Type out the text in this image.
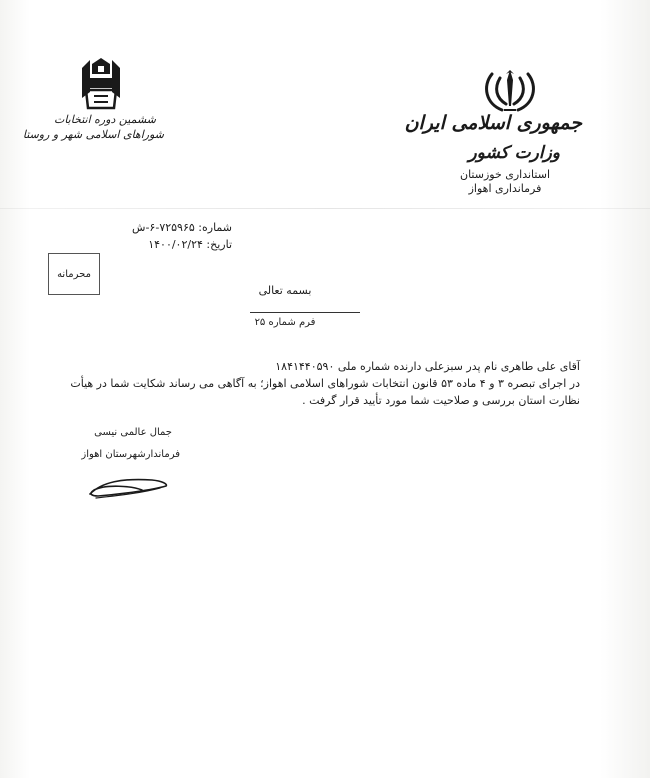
جمهوری اسلامی ایران
وزارت کشور
استانداری خوزستان
فرمانداری اهواز
ششمین دوره انتخابات
شوراهای اسلامی شهر و روستا
شماره: ۷۲۵۹۶۵-۶-ش
تاریخ: ۱۴۰۰/۰۲/۲۴
محرمانه
بسمه تعالی
فرم شماره ۲۵
آقای علی طاهری نام پدر سبزعلی دارنده شماره ملی ۱۸۴۱۴۴۰۵۹۰
در اجرای تبصره ۳ و ۴ ماده ۵۳ قانون انتخابات شوراهای اسلامی اهواز؛ به آگاهی می رساند شکایت شما در هیأت
نظارت استان بررسی و صلاحیت شما مورد تأیید قرار گرفت .
جمال عالمی نیسی
فرماندارشهرستان اهواز
